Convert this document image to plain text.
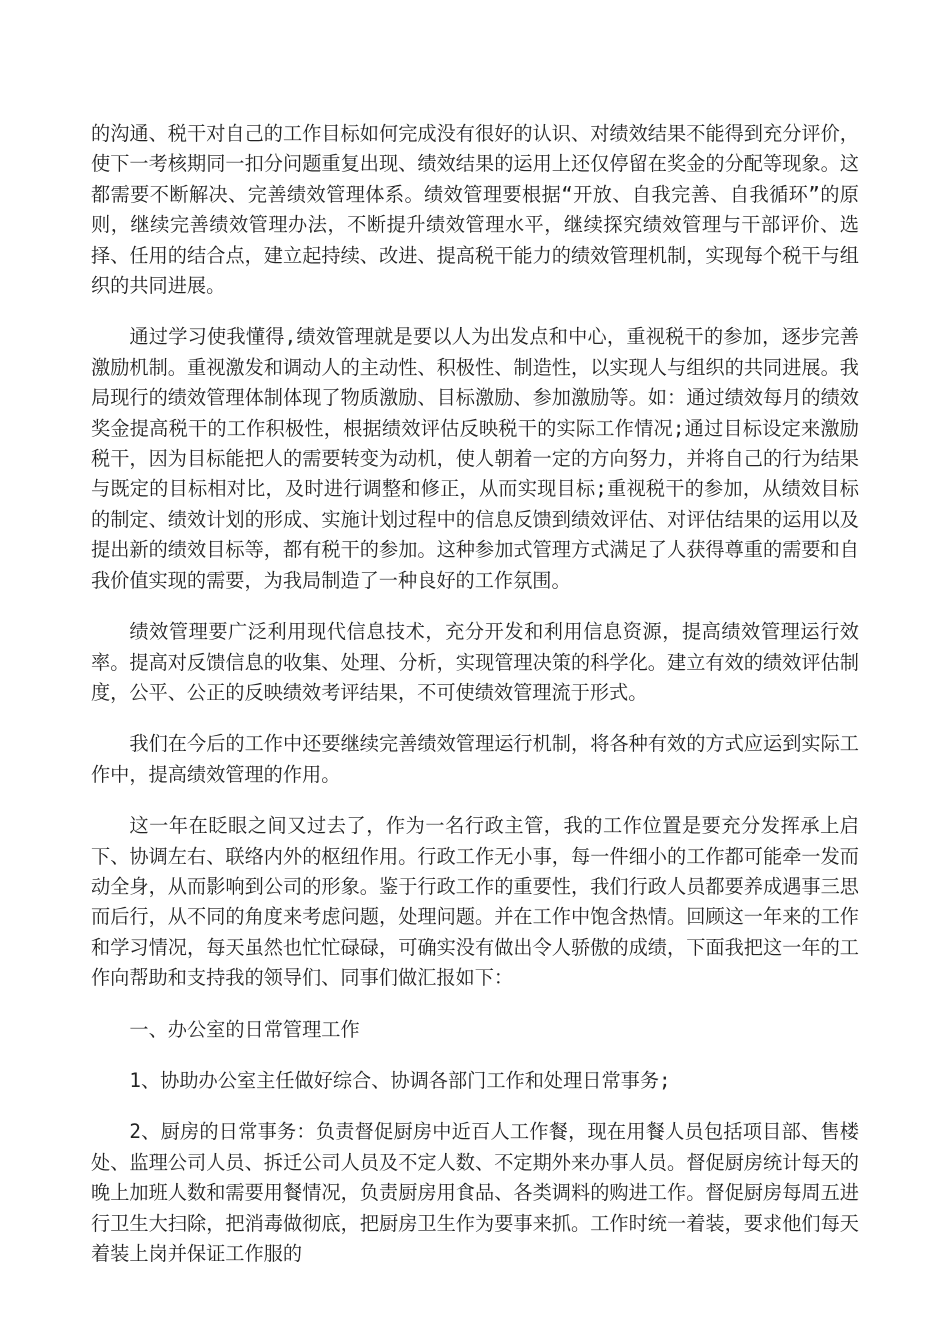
的沟通、税干对自己的工作目标如何完成没有很好的认识、对绩效结果不能得到充分评价，使下一考核期同一扣分问题重复出现、绩效结果的运用上还仅停留在奖金的分配等现象。这都需要不断解决、完善绩效管理体系。绩效管理要根据“开放、自我完善、自我循环”的原则，继续完善绩效管理办法，不断提升绩效管理水平，继续探究绩效管理与干部评价、选择、任用的结合点，建立起持续、改进、提高税干能力的绩效管理机制，实现每个税干与组织的共同进展。

通过学习使我懂得,绩效管理就是要以人为出发点和中心，重视税干的参加，逐步完善激励机制。重视激发和调动人的主动性、积极性、制造性，以实现人与组织的共同进展。我局现行的绩效管理体制体现了物质激励、目标激励、参加激励等。如：通过绩效每月的绩效奖金提高税干的工作积极性，根据绩效评估反映税干的实际工作情况;通过目标设定来激励税干，因为目标能把人的需要转变为动机，使人朝着一定的方向努力，并将自己的行为结果与既定的目标相对比，及时进行调整和修正，从而实现目标;重视税干的参加，从绩效目标的制定、绩效计划的形成、实施计划过程中的信息反馈到绩效评估、对评估结果的运用以及提出新的绩效目标等，都有税干的参加。这种参加式管理方式满足了人获得尊重的需要和自我价值实现的需要，为我局制造了一种良好的工作氛围。

绩效管理要广泛利用现代信息技术，充分开发和利用信息资源，提高绩效管理运行效率。提高对反馈信息的收集、处理、分析，实现管理决策的科学化。建立有效的绩效评估制度，公平、公正的反映绩效考评结果，不可使绩效管理流于形式。

我们在今后的工作中还要继续完善绩效管理运行机制，将各种有效的方式应运到实际工作中，提高绩效管理的作用。

这一年在眨眼之间又过去了，作为一名行政主管，我的工作位置是要充分发挥承上启下、协调左右、联络内外的枢纽作用。行政工作无小事，每一件细小的工作都可能牵一发而动全身，从而影响到公司的形象。鉴于行政工作的重要性，我们行政人员都要养成遇事三思而后行，从不同的角度来考虑问题，处理问题。并在工作中饱含热情。回顾这一年来的工作和学习情况，每天虽然也忙忙碌碌，可确实没有做出令人骄傲的成绩，下面我把这一年的工作向帮助和支持我的领导们、同事们做汇报如下：

一、办公室的日常管理工作

1、协助办公室主任做好综合、协调各部门工作和处理日常事务;

2、厨房的日常事务：负责督促厨房中近百人工作餐，现在用餐人员包括项目部、售楼处、监理公司人员、拆迁公司人员及不定人数、不定期外来办事人员。督促厨房统计每天的晚上加班人数和需要用餐情况，负责厨房用食品、各类调料的购进工作。督促厨房每周五进行卫生大扫除，把消毒做彻底，把厨房卫生作为要事来抓。工作时统一着装，要求他们每天着装上岗并保证工作服的
